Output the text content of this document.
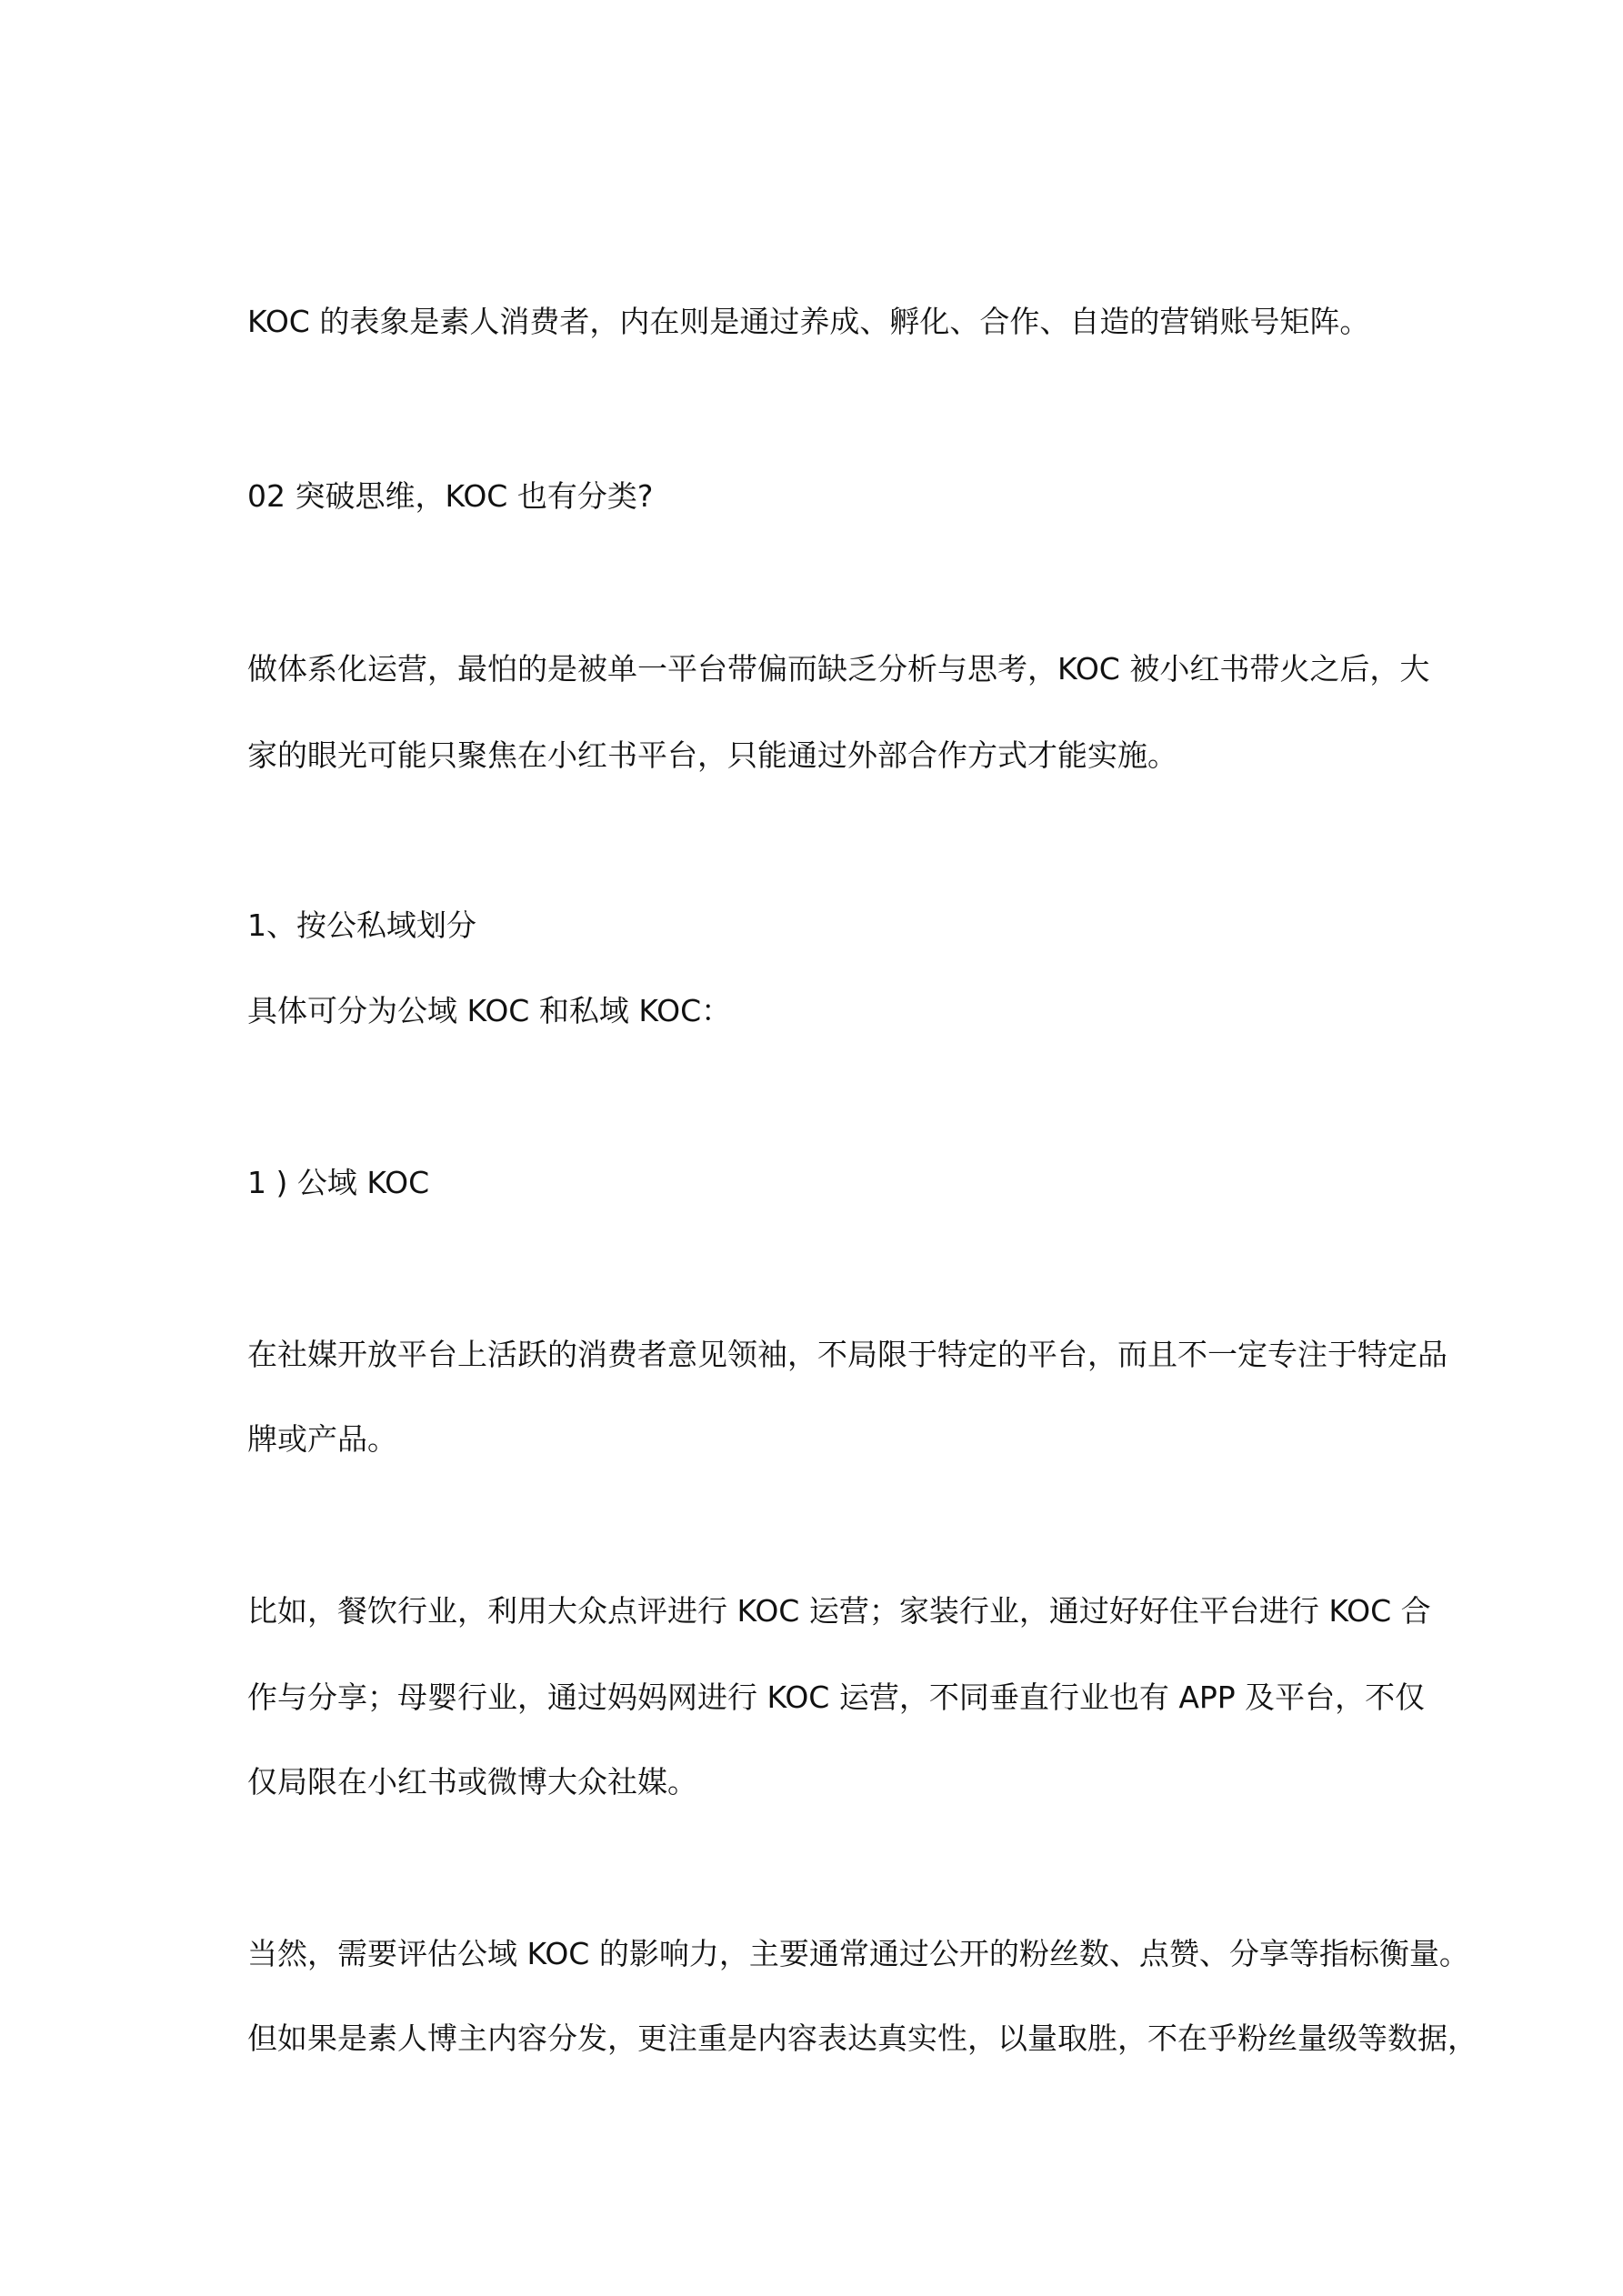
KOC 的表象是素人消费者，内在则是通过养成、孵化、合作、自造的营销账号矩阵。

02 突破思维，KOC 也有分类?

做体系化运营，最怕的是被单一平台带偏而缺乏分析与思考，KOC 被小红书带火之后，大

家的眼光可能只聚焦在小红书平台，只能通过外部合作方式才能实施。

1、按公私域划分

具体可分为公域 KOC 和私域 KOC：

1 ) 公域 KOC

在社媒开放平台上活跃的消费者意见领袖，不局限于特定的平台，而且不一定专注于特定品

牌或产品。

比如，餐饮行业，利用大众点评进行 KOC 运营；家装行业，通过好好住平台进行 KOC 合

作与分享；母婴行业，通过妈妈网进行 KOC 运营，不同垂直行业也有 APP 及平台，不仅

仅局限在小红书或微博大众社媒。

当然，需要评估公域 KOC 的影响力，主要通常通过公开的粉丝数、点赞、分享等指标衡量。

但如果是素人博主内容分发，更注重是内容表达真实性，以量取胜，不在乎粉丝量级等数据，
